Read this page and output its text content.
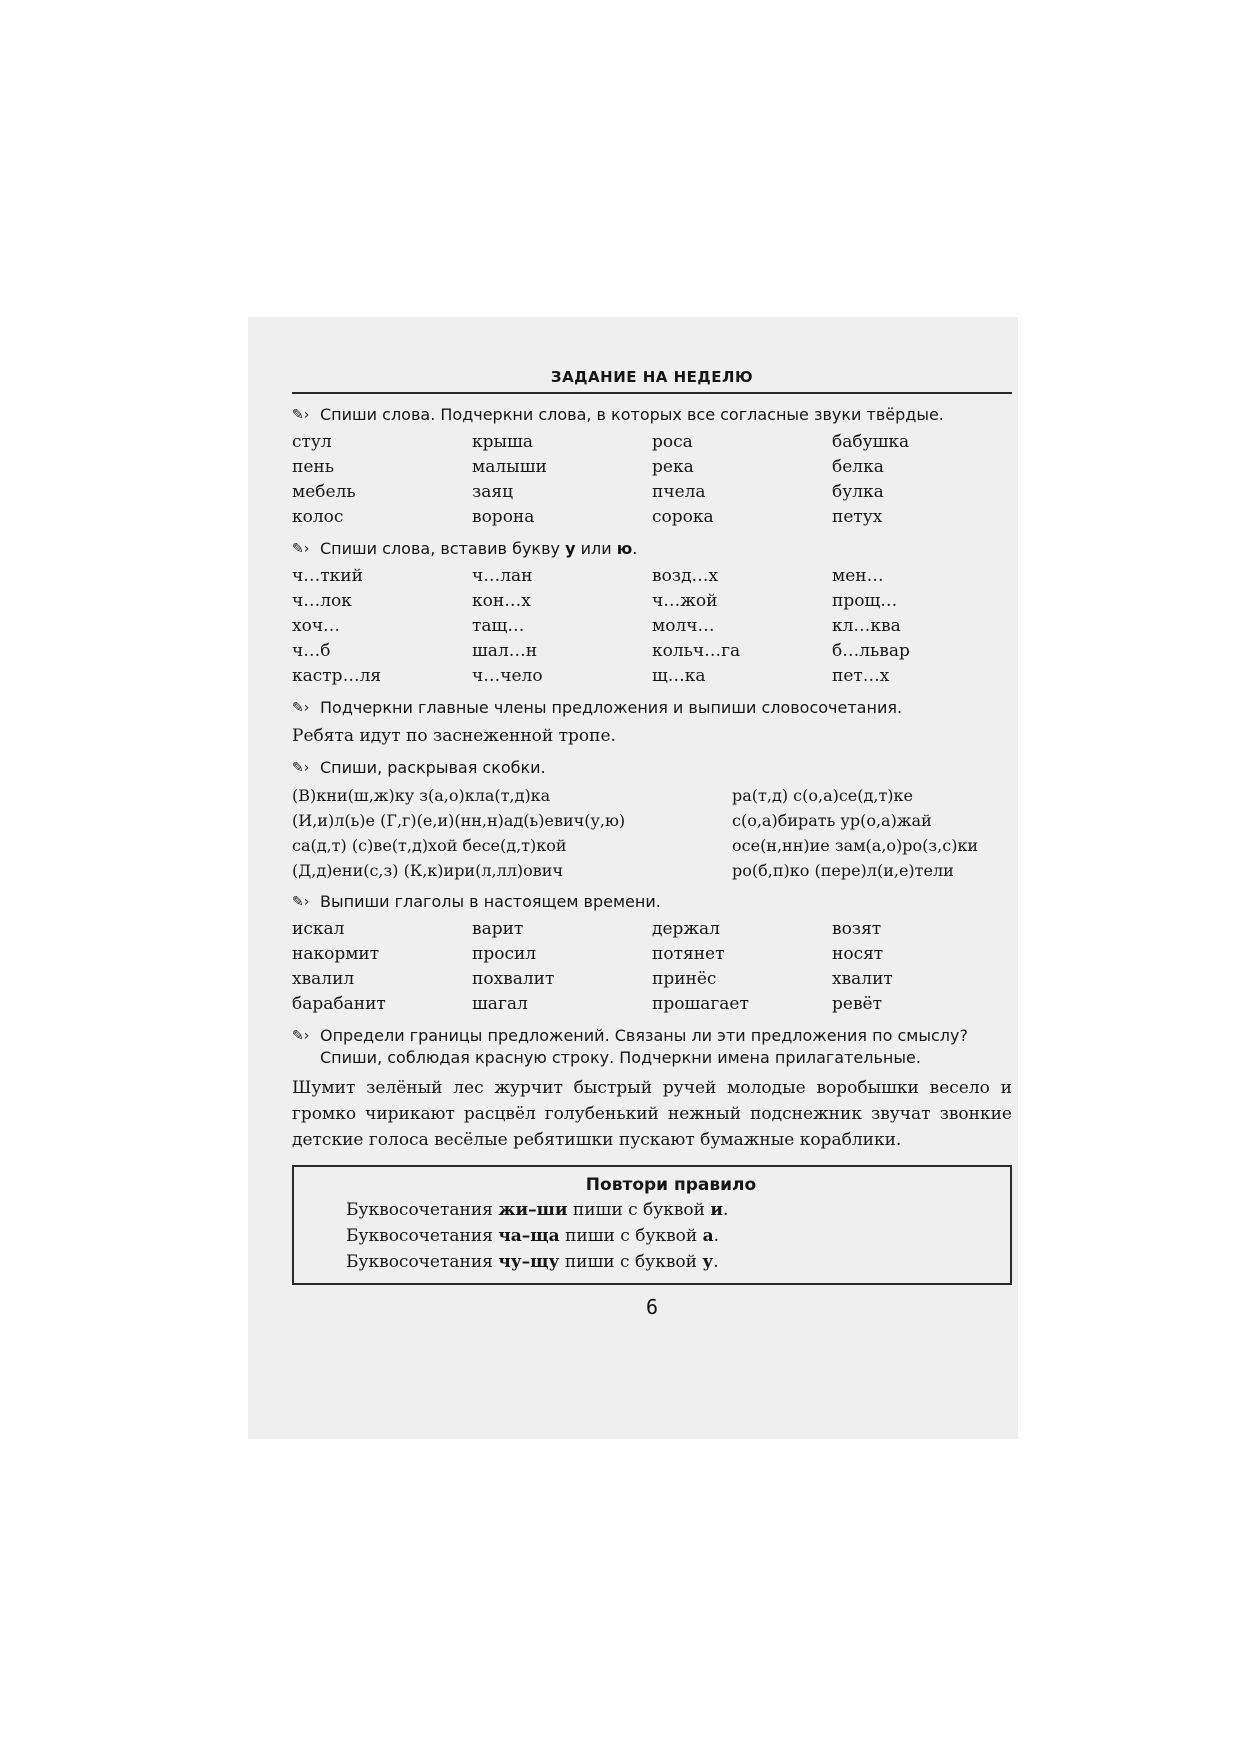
ЗАДАНИЕ НА НЕДЕЛЮ
✎› Спиши слова. Подчеркни слова, в которых все согласные звуки твёрдые.
стул	крыша	роса	бабушка
пень	малыши	река	белка
мебель	заяц	пчела	булка
колос	ворона	сорока	петух
✎› Спиши слова, вставив букву у или ю.
ч…ткий	ч…лан	возд…х	мен…
ч…лок	кон…х	ч…жой	прощ…
хоч…	тащ…	молч…	кл…ква
ч…б	шал…н	кольч…га	б…львар
кастр…ля	ч…чело	щ…ка	пет…х
✎› Подчеркни главные члены предложения и выпиши словосочетания.
Ребята идут по заснеженной тропе.
✎› Спиши, раскрывая скобки.
(В)кни(ш,ж)ку з(а,о)кла(т,д)ка	ра(т,д) с(о,а)се(д,т)ке
(И,и)л(ь)е (Г,г)(е,и)(нн,н)ад(ь)евич(у,ю)	с(о,а)бирать ур(о,а)жай
са(д,т) (с)ве(т,д)хой бесе(д,т)кой	осе(н,нн)ие зам(а,о)ро(з,с)ки
(Д,д)ени(с,з) (К,к)ири(л,лл)ович	ро(б,п)ко (пере)л(и,е)тели
✎› Выпиши глаголы в настоящем времени.
искал	варит	держал	возят
накормит	просил	потянет	носят
хвалил	похвалит	принёс	хвалит
барабанит	шагал	прошагает	ревёт
✎› Определи границы предложений. Связаны ли эти предложения по смыслу? Спиши, соблюдая красную строку. Подчеркни имена прилагательные.
Шумит зелёный лес журчит быстрый ручей молодые воробышки весело и громко чирикают расцвёл голубенький нежный подснежник звучат звонкие детские голоса весёлые ребятишки пускают бумажные кораблики.
Повтори правило
Буквосочетания жи–ши пиши с буквой и.
Буквосочетания ча–ща пиши с буквой а.
Буквосочетания чу–щу пиши с буквой у.
6
